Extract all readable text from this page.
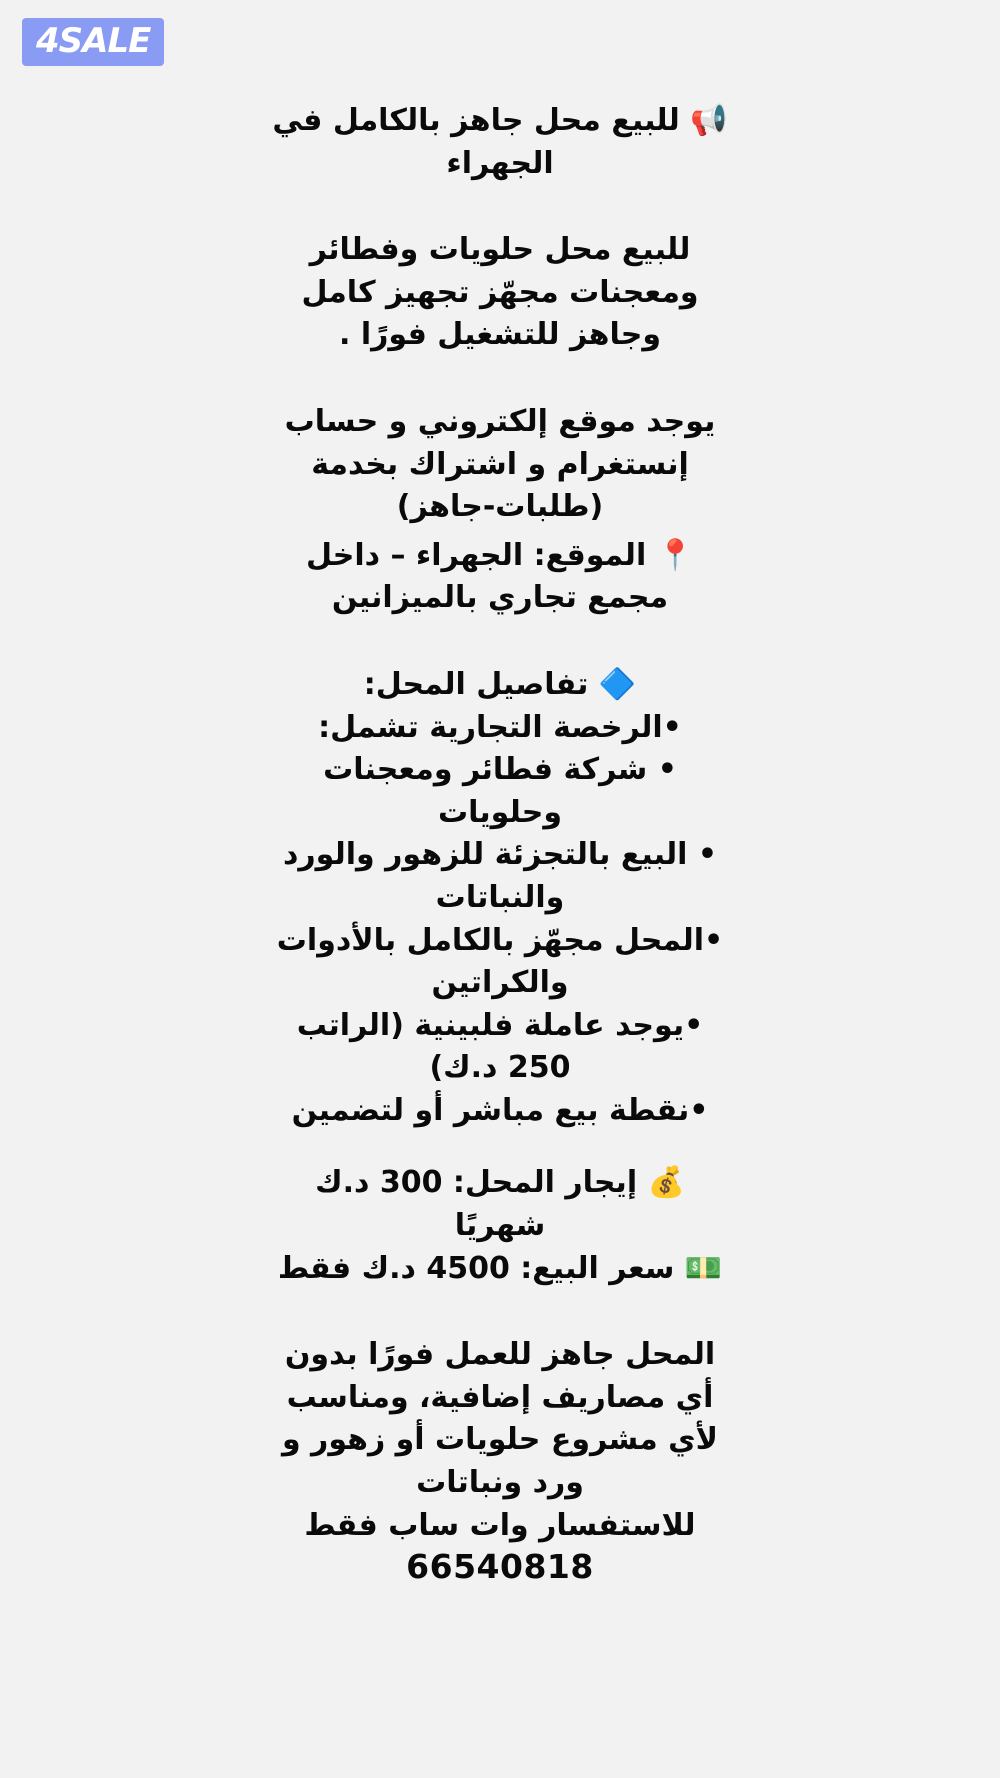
4SALE
📢 للبيع محل جاهز بالكامل في الجهراء
للبيع محل حلويات وفطائر ومعجنات مجهّز تجهيز كامل وجاهز للتشغيل فورًا .
يوجد موقع إلكتروني و حساب إنستغرام و اشتراك بخدمة (طلبات-جاهز)
📍 الموقع: الجهراء – داخل مجمع تجاري بالميزانين
🔷 تفاصيل المحل:
•الرخصة التجارية تشمل:
• شركة فطائر ومعجنات وحلويات
• البيع بالتجزئة للزهور والورد والنباتات
•المحل مجهّز بالكامل بالأدوات والكراتين
•يوجد عاملة فلبينية (الراتب 250 د.ك)
•نقطة بيع مباشر أو لتضمين
💰 إيجار المحل: 300 د.ك شهريًا
💵 سعر البيع: 4500 د.ك فقط
المحل جاهز للعمل فورًا بدون أي مصاريف إضافية، ومناسب لأي مشروع حلويات أو زهور و ورد ونباتات
للاستفسار وات ساب فقط
66540818
